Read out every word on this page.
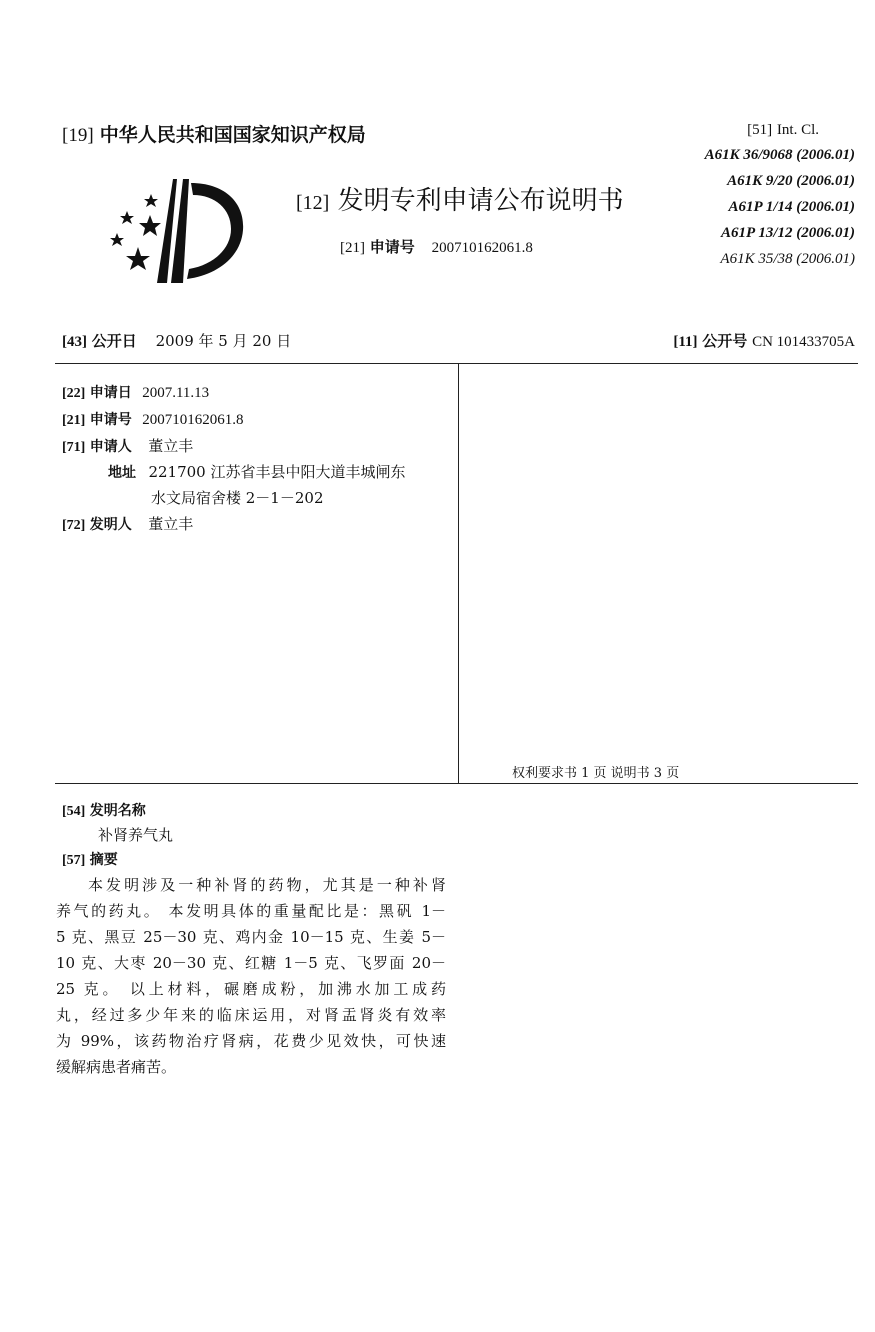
[19] 中华人民共和国国家知识产权局
[12] 发明专利申请公布说明书
[21] 申请号 200710162061.8
[51] Int. Cl.
A61K 36/9068 (2006.01)
A61K 9/20 (2006.01)
A61P 1/14 (2006.01)
A61P 13/12 (2006.01)
A61K 35/38 (2006.01)
[43] 公开日 2009 年 5 月 20 日	[11] 公开号 CN 101433705A
[22] 申请日 2007.11.13
[21] 申请号 200710162061.8
[71] 申请人 董立丰
地址 221700 江苏省丰县中阳大道丰城闸东
水文局宿舍楼 2－1－202
[72] 发明人 董立丰
权利要求书 1 页 说明书 3 页
[54] 发明名称
补肾养气丸
[57] 摘要
本发明涉及一种补肾的药物，尤其是一种补肾
养气的药丸。 本发明具体的重量配比是：黑矾 1－
5 克、黑豆 25－30 克、鸡内金 10－15 克、生姜 5－
10 克、大枣 20－30 克、红糖 1－5 克、飞罗面 20－
25 克。 以上材料，碾磨成粉，加沸水加工成药
丸，经过多少年来的临床运用，对肾盂肾炎有效率
为 99%，该药物治疗肾病，花费少见效快，可快速
缓解病患者痛苦。
